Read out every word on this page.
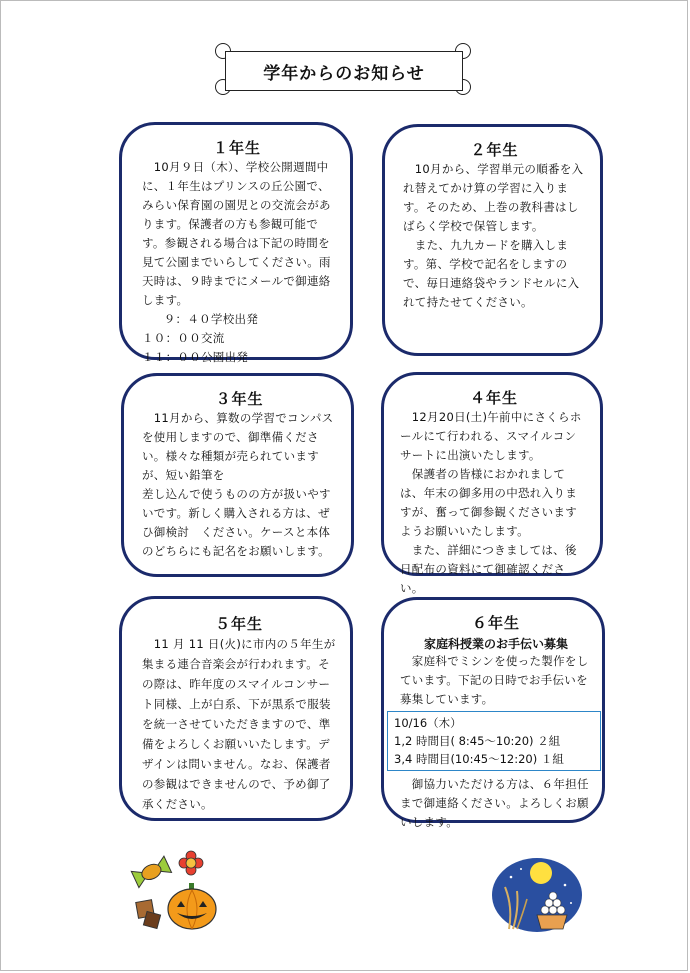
学年からのお知らせ
１年生

　10月９日（木）、学校公開週間中に、１年生はプリンスの丘公園で、みらい保育園の園児との交流会があります。保護者の方も参観可能です。参観される場合は下記の時間を見て公園までいらしてください。雨天時は、９時までにメールで御連絡します。

　 ９：４０学校出発

１０：００交流

１１：００公園出発

２年生

　10月から、学習単元の順番を入れ替えてかけ算の学習に入ります。そのため、上巻の教科書はしばらく学校で保管します。

　また、九九カードを購入します。第、学校で記名をしますので、毎日連絡袋やランドセルに入れて持たせてください。

３年生

　11月から、算数の学習でコンパスを使用しますので、御準備ください。様々な種類が売られていますが、短い鉛筆を

差し込んで使うものの方が扱いやすいです。新しく購入される方は、ぜひ御検討　ください。ケースと本体のどちらにも記名をお願いします。

４年生

　12月20日(土)午前中にさくらホールにて行われる、スマイルコンサートに出演いたします。

　保護者の皆様におかれましては、年末の御多用の中恐れ入りますが、奮って御参観くださいますようお願いいたします。

　また、詳細につきましては、後日配布の資料にて御確認ください。

５年生

　11 月 11 日(火)に市内の５年生が集まる連合音楽会が行われます。その際は、昨年度のスマイルコンサート同様、上が白系、下が黒系で服装を統一させていただきますので、準備をよろしくお願いいたします。デザインは問いません。なお、保護者の参観はできませんので、予め御了承ください。

６年生
家庭科授業のお手伝い募集

　家庭科でミシンを使った製作をしています。下記の日時でお手伝いを募集しています。

10/16（木）
1,2 時間目( 8:45～10:20) ２組
3,4 時間目(10:45～12:20) １組

　御協力いただける方は、６年担任まで御連絡ください。よろしくお願いします。
